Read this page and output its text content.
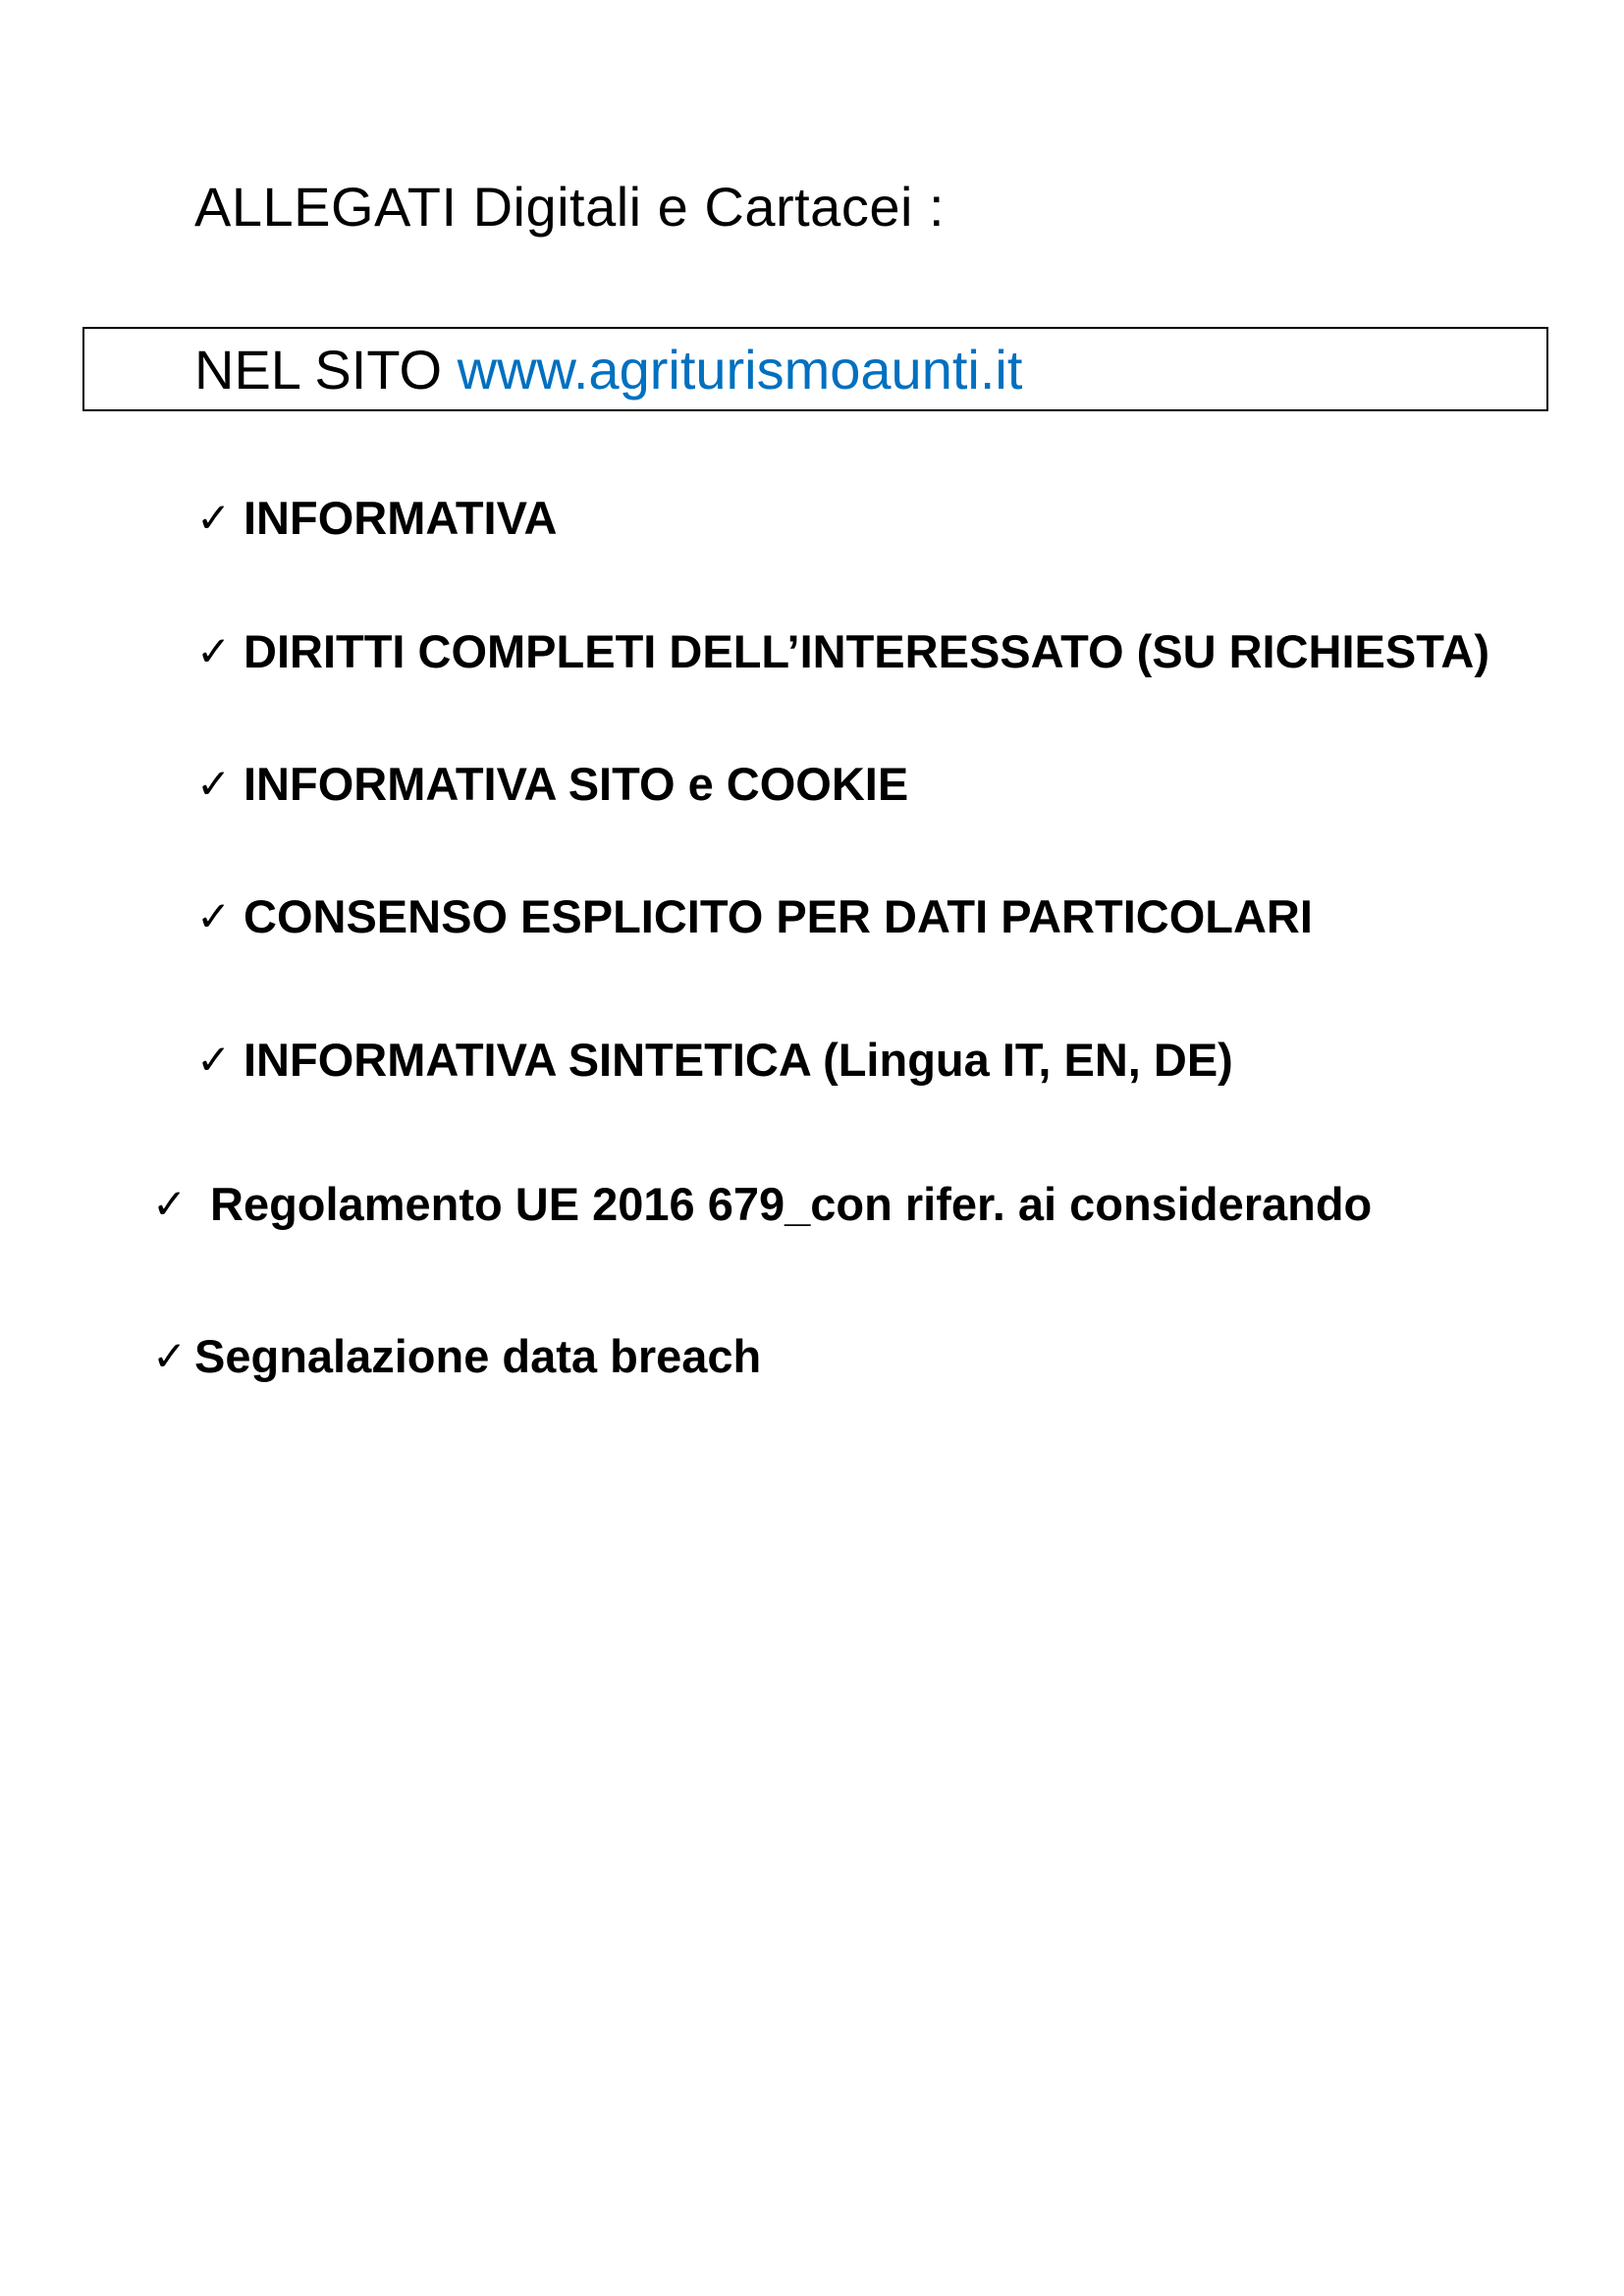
ALLEGATI Digitali e Cartacei :

NEL SITO www.agriturismoaunti.it

✓ INFORMATIVA
✓ DIRITTI COMPLETI DELL’INTERESSATO (SU RICHIESTA)
✓ INFORMATIVA SITO e COOKIE
✓ CONSENSO ESPLICITO PER DATI PARTICOLARI
✓ INFORMATIVA SINTETICA (Lingua IT, EN, DE)
✓ Regolamento UE 2016 679_con rifer. ai considerando
✓ Segnalazione data breach
